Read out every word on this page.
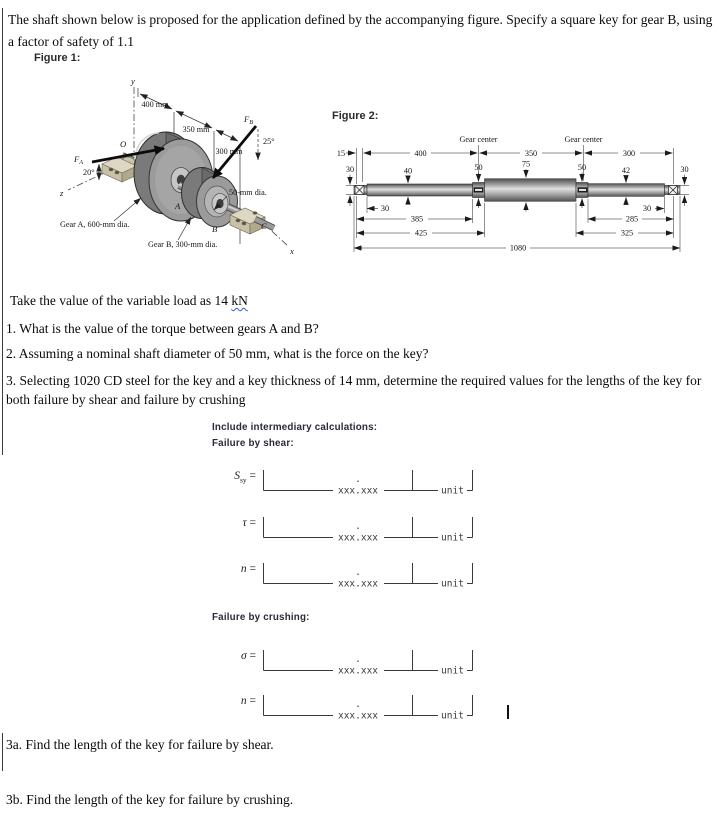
The shaft shown below is proposed for the application defined by the accompanying figure. Specify a square key for gear B, using a factor of safety of 1.1
Figure 1:
y
z
x
O
400 mm
350 mm
300 mm
50-mm dia.
Gear A, 600-mm dia.
Gear B, 300-mm dia.
A
B	C
$F_A$
20°
$F_B$
25°
Figure 2:
Gear center	Gear center
15	400	350	300
30	40	50	75	50	42	30
30
385
425
30
285
325
1080
Take the value of the variable load as 14 kN
1. What is the value of the torque between gears A and B?
2. Assuming a nominal shaft diameter of 50 mm, what is the force on the key?
3. Selecting 1020 CD steel for the key and a key thickness of 14 mm, determine the required values for the lengths of the key for both failure by shear and failure by crushing
Include intermediary calculations:
Failure by shear:
Failure by crushing:
$S_{sy}$ =	.
xxx.xxx	unit
τ =	.
xxx.xxx	unit
n =	.
xxx.xxx	unit
σ =	.
xxx.xxx	unit
n =	.
xxx.xxx	unit
3a. Find the length of the key for failure by shear.
3b. Find the length of the key for failure by crushing.
